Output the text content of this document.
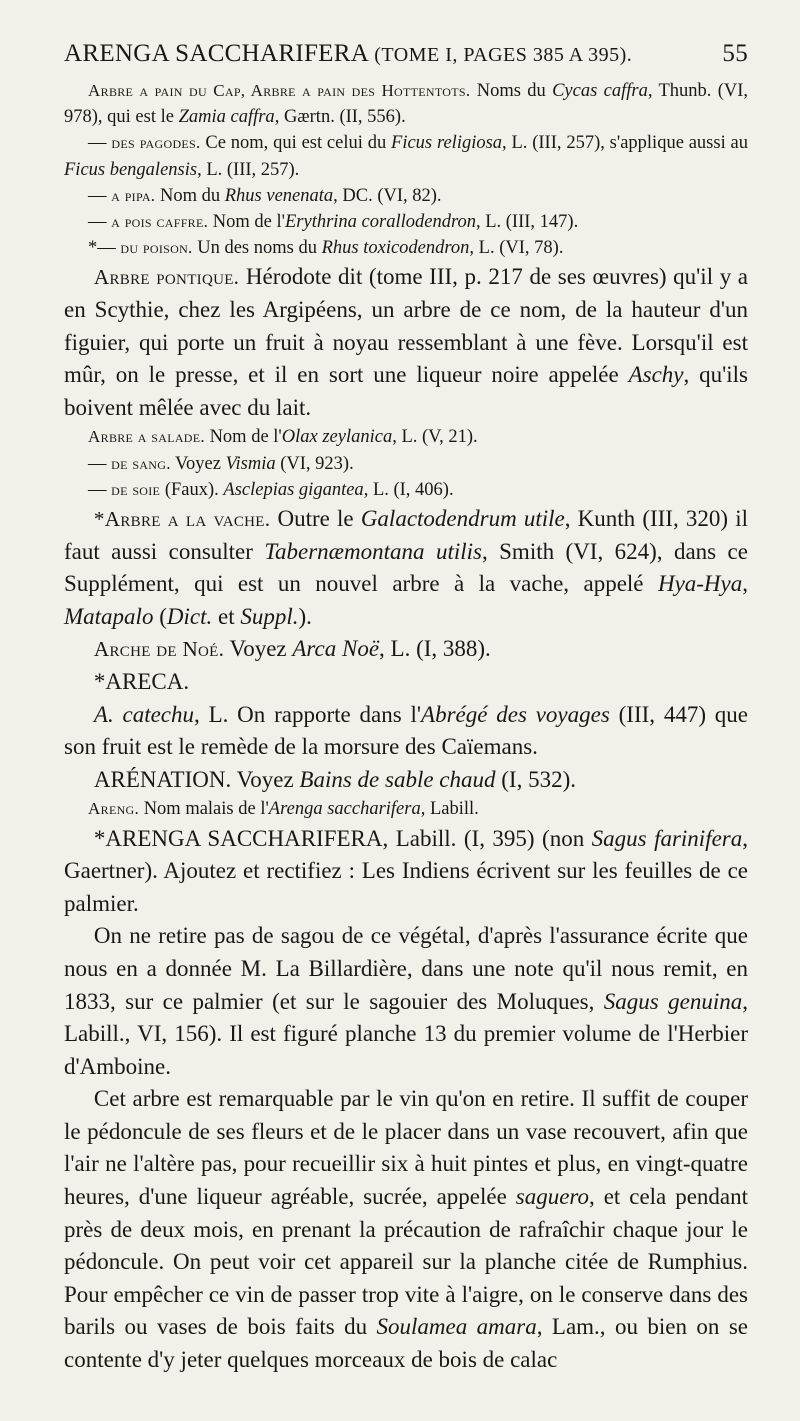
ARENGA SACCHARIFERA (TOME I, PAGES 385 A 395).	55

Arbre a pain du Cap, Arbre a pain des Hottentots. Noms du Cycas caffra, Thunb. (VI, 978), qui est le Zamia caffra, Gærtn. (II, 556).

— des pagodes. Ce nom, qui est celui du Ficus religiosa, L. (III, 257), s'applique aussi au Ficus bengalensis, L. (III, 257).

— a pipa. Nom du Rhus venenata, DC. (VI, 82).

— a pois caffre. Nom de l'Erythrina corallodendron, L. (III, 147).

*— du poison. Un des noms du Rhus toxicodendron, L. (VI, 78).

Arbre pontique. Hérodote dit (tome III, p. 217 de ses œuvres) qu'il y a en Scythie, chez les Argipéens, un arbre de ce nom, de la hauteur d'un figuier, qui porte un fruit à noyau ressemblant à une fève. Lorsqu'il est mûr, on le presse, et il en sort une liqueur noire appelée Aschy, qu'ils boivent mêlée avec du lait.

Arbre a salade. Nom de l'Olax zeylanica, L. (V, 21).

— de sang. Voyez Vismia (VI, 923).

— de soie (Faux). Asclepias gigantea, L. (I, 406).

*Arbre a la vache. Outre le Galactodendrum utile, Kunth (III, 320) il faut aussi consulter Tabernæmontana utilis, Smith (VI, 624), dans ce Supplément, qui est un nouvel arbre à la vache, appelé Hya-Hya, Matapalo (Dict. et Suppl.).

Arche de Noé. Voyez Arca Noë, L. (I, 388).

*ARECA.

A. catechu, L. On rapporte dans l'Abrégé des voyages (III, 447) que son fruit est le remède de la morsure des Caïemans.

ARÉNATION. Voyez Bains de sable chaud (I, 532).

Areng. Nom malais de l'Arenga saccharifera, Labill.

*ARENGA SACCHARIFERA, Labill. (I, 395) (non Sagus farinifera, Gaertner). Ajoutez et rectifiez : Les Indiens écrivent sur les feuilles de ce palmier.

On ne retire pas de sagou de ce végétal, d'après l'assurance écrite que nous en a donnée M. La Billardière, dans une note qu'il nous remit, en 1833, sur ce palmier (et sur le sagouier des Moluques, Sagus genuina, Labill., VI, 156). Il est figuré planche 13 du premier volume de l'Herbier d'Amboine.

Cet arbre est remarquable par le vin qu'on en retire. Il suffit de couper le pédoncule de ses fleurs et de le placer dans un vase recouvert, afin que l'air ne l'altère pas, pour recueillir six à huit pintes et plus, en vingt-quatre heures, d'une liqueur agréable, sucrée, appelée saguero, et cela pendant près de deux mois, en prenant la précaution de rafraîchir chaque jour le pédoncule. On peut voir cet appareil sur la planche citée de Rumphius. Pour empêcher ce vin de passer trop vite à l'aigre, on le conserve dans des barils ou vases de bois faits du Soulamea amara, Lam., ou bien on se contente d'y jeter quelques morceaux de bois de calac
